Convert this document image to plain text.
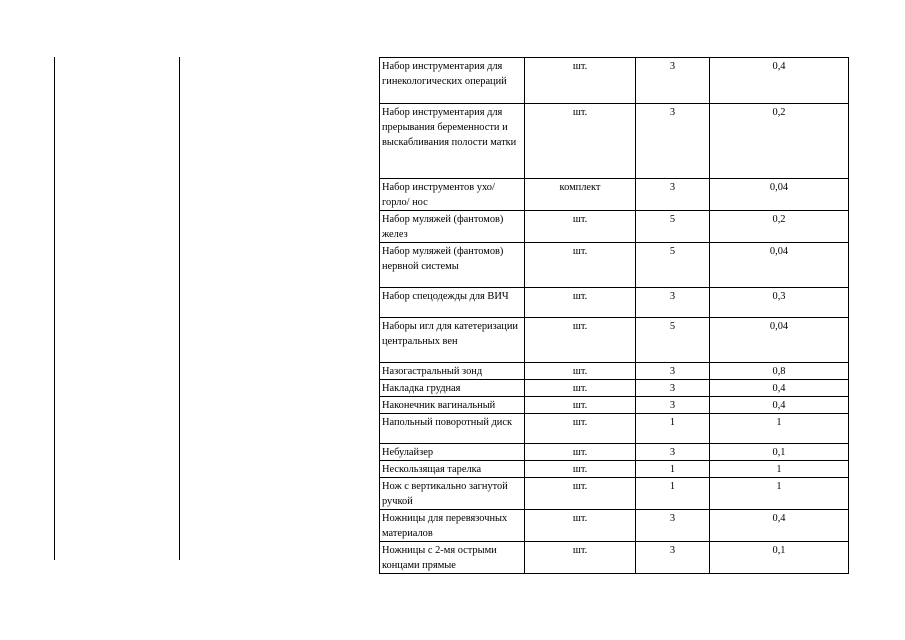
Набор инструментария для гинекологических операций	шт.	3	0,4
Набор инструментария для прерывания беременности и выскабливания полости матки	шт.	3	0,2
Набор инструментов ухо/горло/ нос	комплект	3	0,04
Набор муляжей (фантомов) желез	шт.	5	0,2
Набор муляжей (фантомов) нервной системы	шт.	5	0,04
Набор спецодежды для ВИЧ	шт.	3	0,3
Наборы игл для катетеризации центральных вен	шт.	5	0,04
Назогастральный зонд	шт.	3	0,8
Накладка грудная	шт.	3	0,4
Наконечник вагинальный	шт.	3	0,4
Напольный поворотный диск	шт.	1	1
Небулайзер	шт.	3	0,1
Нескользящая тарелка	шт.	1	1
Нож с вертикально загнутой ручкой	шт.	1	1
Ножницы для перевязочных материалов	шт.	3	0,4
Ножницы с 2-мя острыми концами прямые	шт.	3	0,1
